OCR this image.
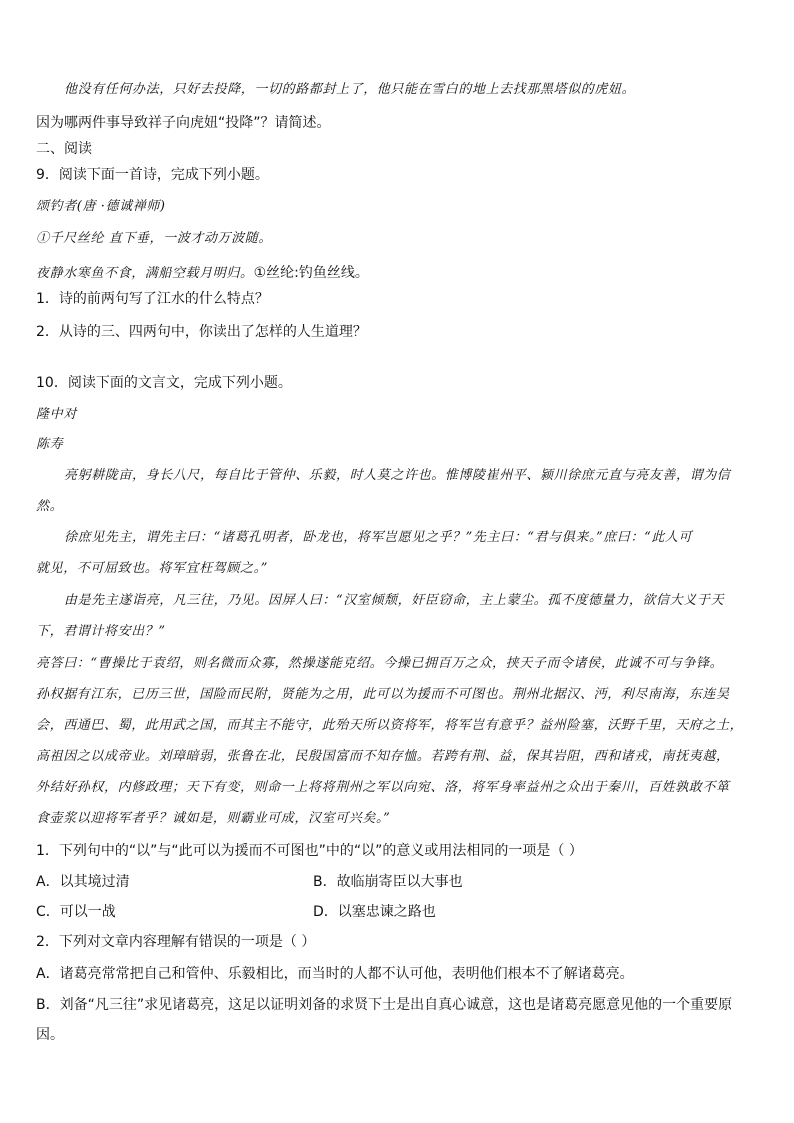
他没有任何办法，只好去投降，一切的路都封上了，他只能在雪白的地上去找那黑塔似的虎妞。
因为哪两件事导致祥子向虎妞“投降”？请简述。
二、阅读
9．阅读下面一首诗，完成下列小题。
颂钓者(唐 ·德诚禅师)
①千尺丝纶 直下垂，一波才动万波随。
夜静水寒鱼不食，满船空载月明归。①丝纶:钓鱼丝线。
1．诗的前两句写了江水的什么特点？
2．从诗的三、四两句中，你读出了怎样的人生道理？
10．阅读下面的文言文，完成下列小题。
隆中对
陈寿
亮躬耕陇亩，身长八尺，每自比于管仲、乐毅，时人莫之许也。惟博陵崔州平、颍川徐庶元直与亮友善，谓为信
然。
徐庶见先主，谓先主曰：“诸葛孔明者，卧龙也，将军岂愿见之乎？”先主曰：“君与俱来。”庶曰：“此人可
就见，不可屈致也。将军宜枉驾顾之。”
由是先主遂诣亮，凡三往，乃见。因屏人曰：“汉室倾颓，奸臣窃命，主上蒙尘。孤不度德量力，欲信大义于天
下，君谓计将安出？”
亮答曰：“曹操比于袁绍，则名微而众寡，然操遂能克绍。今操已拥百万之众，挟天子而令诸侯，此诚不可与争锋。
孙权据有江东，已历三世，国险而民附，贤能为之用，此可以为援而不可图也。荆州北据汉、沔，利尽南海，东连吴
会，西通巴、蜀，此用武之国，而其主不能守，此殆天所以资将军，将军岂有意乎？益州险塞，沃野千里，天府之土，
高祖因之以成帝业。刘璋暗弱，张鲁在北，民殷国富而不知存恤。若跨有荆、益，保其岩阻，西和诸戎，南抚夷越，
外结好孙权，内修政理；天下有变，则命一上将将荆州之军以向宛、洛，将军身率益州之众出于秦川，百姓孰敢不箪
食壶浆以迎将军者乎？诚如是，则霸业可成，汉室可兴矣。”
1．下列句中的“以”与“此可以为援而不可图也”中的“以”的意义或用法相同的一项是（ ）
A．以其境过清	B．故临崩寄臣以大事也
C．可以一战	D．以塞忠谏之路也
2．下列对文章内容理解有错误的一项是（ ）
A．诸葛亮常常把自己和管仲、乐毅相比，而当时的人都不认可他，表明他们根本不了解诸葛亮。
B．刘备“凡三往”求见诸葛亮，这足以证明刘备的求贤下士是出自真心诚意，这也是诸葛亮愿意见他的一个重要原
因。
